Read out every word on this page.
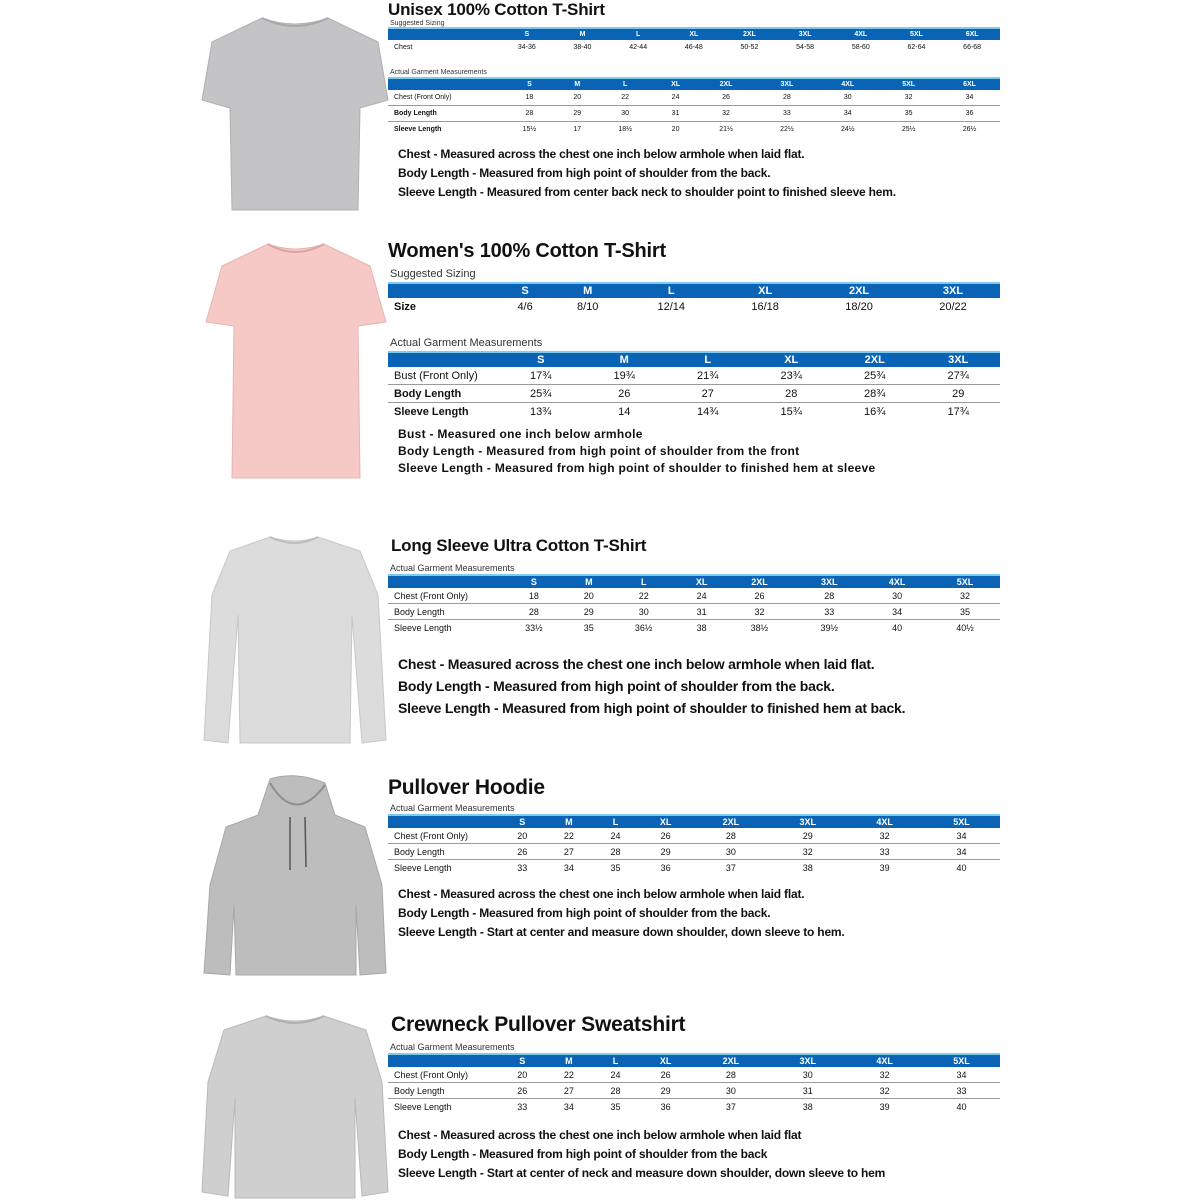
Unisex 100% Cotton T-Shirt
Suggested Sizing
	S	M	L	XL	2XL	3XL	4XL	5XL	6XL
Chest	34-36	38-40	42-44	46-48	50-52	54-58	58-60	62-64	66-68
Actual Garment Measurements
	S	M	L	XL	2XL	3XL	4XL	5XL	6XL
Chest (Front Only)	18	20	22	24	26	28	30	32	34
Body Length	28	29	30	31	32	33	34	35	36
Sleeve Length	15½	17	18½	20	21½	22½	24½	25½	26½
Chest - Measured across the chest one inch below armhole when laid flat.
Body Length - Measured from high point of shoulder from the back.
Sleeve Length - Measured from center back neck to shoulder point to finished sleeve hem.
Women's 100% Cotton T-Shirt
Suggested Sizing
	S	M	L	XL	2XL	3XL
Size	4/6	8/10	12/14	16/18	18/20	20/22
Actual Garment Measurements
	S	M	L	XL	2XL	3XL
Bust (Front Only)	17¾	19¾	21¾	23¾	25¾	27¾
Body Length	25¾	26	27	28	28¾	29
Sleeve Length	13¾	14	14¾	15¾	16¾	17¾
Bust - Measured one inch below armhole
Body Length - Measured from high point of shoulder from the front
Sleeve Length - Measured from high point of shoulder to finished hem at sleeve
Long Sleeve Ultra Cotton T-Shirt
Actual Garment Measurements
	S	M	L	XL	2XL	3XL	4XL	5XL
Chest (Front Only)	18	20	22	24	26	28	30	32
Body Length	28	29	30	31	32	33	34	35
Sleeve Length	33½	35	36½	38	38½	39½	40	40½
Chest - Measured across the chest one inch below armhole when laid flat.
Body Length - Measured from high point of shoulder from the back.
Sleeve Length - Measured from high point of shoulder to finished hem at back.
Pullover Hoodie
Actual Garment Measurements
	S	M	L	XL	2XL	3XL	4XL	5XL
Chest (Front Only)	20	22	24	26	28	29	32	34
Body Length	26	27	28	29	30	32	33	34
Sleeve Length	33	34	35	36	37	38	39	40
Chest - Measured across the chest one inch below armhole when laid flat.
Body Length - Measured from high point of shoulder from the back.
Sleeve Length - Start at center and measure down shoulder, down sleeve to hem.
Crewneck Pullover Sweatshirt
Actual Garment Measurements
	S	M	L	XL	2XL	3XL	4XL	5XL
Chest (Front Only)	20	22	24	26	28	30	32	34
Body Length	26	27	28	29	30	31	32	33
Sleeve Length	33	34	35	36	37	38	39	40
Chest - Measured across the chest one inch below armhole when laid flat
Body Length - Measured from high point of shoulder from the back
Sleeve Length - Start at center of neck and measure down shoulder, down sleeve to hem
